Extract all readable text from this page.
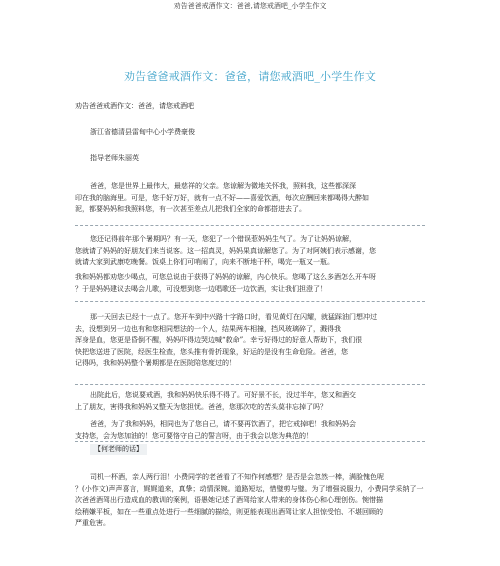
劝告爸爸戒酒作文：爸爸,请您戒酒吧_小学生作文
劝告爸爸戒酒作文：爸爸，请您戒酒吧_小学生作文
劝告爸爸戒酒作文：爸爸，请您戒酒吧
浙江省德清县雷甸中心小学费豪俊
指导老师朱丽英
爸爸，您是世界上最伟大，最慈祥的父亲。您谅解为微地关怀我，照料我，这些都深深
印在我的脑海里。可是，您千好万好，就有一点不好——喜爱饮酒，每次应酬回来都喝得大醉如
泥，都要妈妈和我照料您，有一次甚至差点儿把我们全家的命都搭进去了。
您还记得前年那个暑期吗？有一天，您犯了一个错误惹妈妈生气了。为了让妈妈谅解，
您就请了妈妈的好朋友们来当说客。这一招真灵，妈妈果真谅解您了。为了对阿姨们表示感谢，您
就请大家到武康吃晚餐。饭桌上你们可哨闹了，向来不断地干杯，喝完一瓶又一瓶。
我和妈妈都劝您少喝点，可您总说由于获得了妈妈的谅解，内心快乐。您喝了这么多酒怎么开车呀
？于是妈妈建议去喝会儿歌，可没想到您一边唱歌还一边饮酒，实让我们担澄了！
那一天回去已经十一点了。您开车到中兴路十字路口时，看见黄灯在闪耀，就猛踩油门想冲过
去，没想到另一边也有和您相同想法的一个人，结果两车相撞，挡风玻璃碎了，溅得我
浑身是血，您更是昏倒不醒，妈妈吓得边哭边喊“救命”。幸亏好得过的好意人帮助下，我们很
快把您送进了医院，经医生检查，您头推有骨折现象，好运的是没有生命危险。爸爸，您
记得吗，我和妈妈整个暑期都是在医院陪您度过的！
出院此后，您说要戒酒，我和妈妈快乐得不得了。可好景不长，没过半年，您又和酒交
上了朋友，害得我和妈妈又整天为您担忧。爸爸，您那次吃的苦头莫非忘掉了吗？
爸爸，为了我和妈妈，相同也为了您自己，请不要再饮酒了，把它戒掉吧！我和妈妈会
支持您，会为您加油的！您可要恪守自己的誓言呀，由于我会以您为典范的！
【何老师的话】
司机一杯酒，亲人两行泪！小费同学的老爸看了不知作何感想？是否是会忽然一棒，满脸愧色呢
？(小作文)声声喜言，娓娓道来，真挚；动情深婉。道路短坛，惜璧剪与璧。为了增强说服力，小费同学采纳了一
次爸爸酒驾出行造成血的教训的案例，语愚她记述了酒驾给家人带来的身体伤心和心理创伤。惋惜描
绘稍嫌平板，如在一些重点处进行一些细腻的描绘，则更能表现出酒驾让家人担惊受怕、不堪回顾的
严重危害。
